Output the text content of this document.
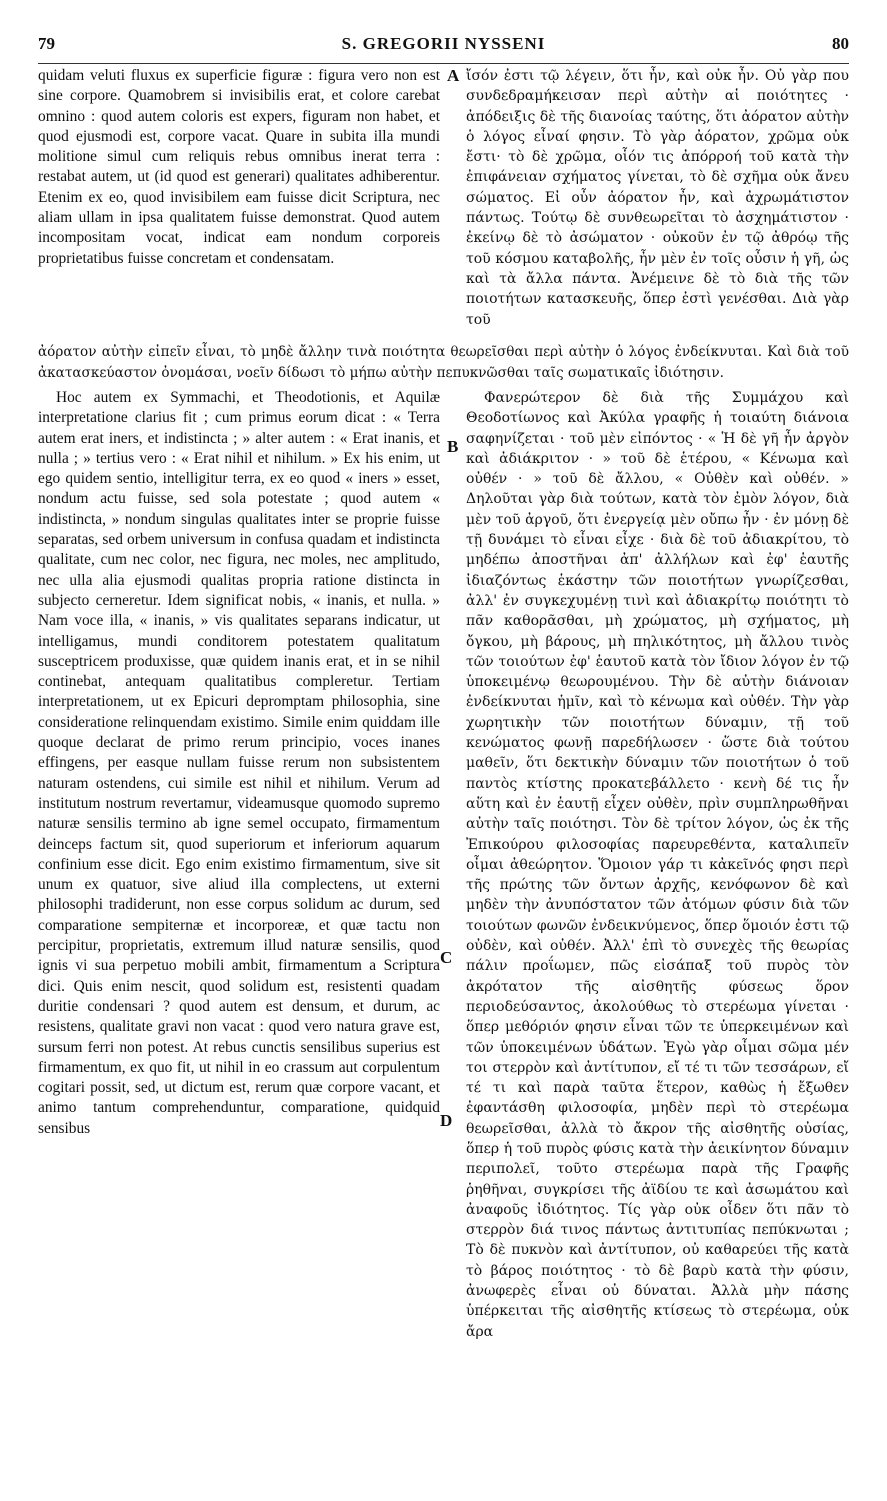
79	S. GREGORII NYSSENI	80
A
B
C
D

quidam veluti fluxus ex superficie figuræ : figura vero non est sine corpore. Quamobrem si invisibilis erat, et colore carebat omnino : quod autem coloris est expers, figuram non habet, et quod ejusmodi est, corpore vacat. Quare in subita illa mundi molitione simul cum reliquis rebus omnibus inerat terra : restabat autem, ut (id quod est generari) qualitates adhiberentur. Etenim ex eo, quod invisibilem eam fuisse dicit Scriptura, nec aliam ullam in ipsa qualitatem fuisse demonstrat. Quod autem incompositam vocat, indicat eam nondum corporeis proprietatibus fuisse concretam et condensatam.

ἴσόν ἐστι τῷ λέγειν, ὅτι ἦν, καὶ οὐκ ἦν. Οὐ γὰρ που συνδεδραμήκεισαν περὶ αὐτὴν αἱ ποιότητες · ἀπόδειξις δὲ τῆς διανοίας ταύτης, ὅτι ἀόρατον αὐτὴν ὁ λόγος εἶναί φησιν. Τὸ γὰρ ἀόρατον, χρῶμα οὐκ ἔστι· τὸ δὲ χρῶμα, οἷόν τις ἀπόρροή τοῦ κατὰ τὴν ἐπιφάνειαν σχήματος γίνεται, τὸ δὲ σχῆμα οὐκ ἄνευ σώματος. Εἰ οὖν ἀόρατον ἦν, καὶ ἀχρωμάτιστον πάντως. Τούτῳ δὲ συνθεωρεῖται τὸ ἀσχημάτιστον · ἐκείνῳ δὲ τὸ ἀσώματον · οὐκοῦν ἐν τῷ ἀθρόῳ τῆς τοῦ κόσμου καταβολῆς, ἦν μὲν ἐν τοῖς οὖσιν ἡ γῆ, ὡς καὶ τὰ ἄλλα πάντα. Ἀνέμεινε δὲ τὸ διὰ τῆς τῶν ποιοτήτων κατασκευῆς, ὅπερ ἐστὶ γενέσθαι. Διὰ γὰρ τοῦ

ἀόρατον αὐτὴν εἰπεῖν εἶναι, τὸ μηδὲ ἄλλην τινὰ ποιότητα θεωρεῖσθαι περὶ αὐτὴν ὁ λόγος ἐνδείκνυται. Καὶ διὰ τοῦ ἀκατασκεύαστον ὀνομάσαι, νοεῖν δίδωσι τὸ μήπω αὐτὴν πεπυκνῶσθαι ταῖς σωματικαῖς ἰδιότησιν.

Hoc autem ex Symmachi, et Theodotionis, et Aquilæ interpretatione clarius fit ; cum primus eorum dicat : « Terra autem erat iners, et indistincta ; » alter autem : « Erat inanis, et nulla ; » tertius vero : « Erat nihil et nihilum. » Ex his enim, ut ego quidem sentio, intelligitur terra, ex eo quod « iners » esset, nondum actu fuisse, sed sola potestate ; quod autem « indistincta, » nondum singulas qualitates inter se proprie fuisse separatas, sed orbem universum in confusa quadam et indistincta qualitate, cum nec color, nec figura, nec moles, nec amplitudo, nec ulla alia ejusmodi qualitas propria ratione distincta in subjecto cerneretur. Idem significat nobis, « inanis, et nulla. » Nam voce illa, « inanis, » vis qualitates separans indicatur, ut intelligamus, mundi conditorem potestatem qualitatum susceptricem produxisse, quæ quidem inanis erat, et in se nihil continebat, antequam qualitatibus compleretur. Tertiam interpretationem, ut ex Epicuri depromptam philosophia, sine consideratione relinquendam existimo. Simile enim quiddam ille quoque declarat de primo rerum principio, voces inanes effingens, per easque nullam fuisse rerum non subsistentem naturam ostendens, cui simile est nihil et nihilum. Verum ad institutum nostrum revertamur, videamusque quomodo supremo naturæ sensilis termino ab igne semel occupato, firmamentum deinceps factum sit, quod superiorum et inferiorum aquarum confinium esse dicit. Ego enim existimo firmamentum, sive sit unum ex quatuor, sive aliud illa complectens, ut externi philosophi tradiderunt, non esse corpus solidum ac durum, sed comparatione sempiternæ et incorporeæ, et quæ tactu non percipitur, proprietatis, extremum illud naturæ sensilis, quod ignis vi sua perpetuo mobili ambit, firmamentum a Scriptura dici. Quis enim nescit, quod solidum est, resistenti quadam duritie condensari ? quod autem est densum, et durum, ac resistens, qualitate gravi non vacat : quod vero natura grave est, sursum ferri non potest. At rebus cunctis sensilibus superius est firmamentum, ex quo fit, ut nihil in eo crassum aut corpulentum cogitari possit, sed, ut dictum est, rerum quæ corpore vacant, et animo tantum comprehenduntur, comparatione, quidquid sensibus

Φανερώτερον δὲ διὰ τῆς Συμμάχου καὶ Θεοδοτίωνος καὶ Ἀκύλα γραφῆς ἡ τοιαύτη διάνοια σαφηνίζεται · τοῦ μὲν εἰπόντος · « Ἡ δὲ γῆ ἦν ἀργὸν καὶ ἀδιάκριτον · » τοῦ δὲ ἑτέρου, « Κένωμα καὶ οὐθέν · » τοῦ δὲ ἄλλου, « Οὐθὲν καὶ οὐθέν. » Δηλοῦται γὰρ διὰ τούτων, κατὰ τὸν ἐμὸν λόγον, διὰ μὲν τοῦ ἀργοῦ, ὅτι ἐνεργείᾳ μὲν οὔπω ἦν · ἐν μόνῃ δὲ τῇ δυνάμει τὸ εἶναι εἶχε · διὰ δὲ τοῦ ἀδιακρίτου, τὸ μηδέπω ἀποστῆναι ἀπ' ἀλλήλων καὶ ἐφ' ἑαυτῆς ἰδιαζόντως ἑκάστην τῶν ποιοτήτων γνωρίζεσθαι, ἀλλ' ἐν συγκεχυμένῃ τινὶ καὶ ἀδιακρίτῳ ποιότητι τὸ πᾶν καθορᾶσθαι, μὴ χρώματος, μὴ σχήματος, μὴ ὄγκου, μὴ βάρους, μὴ πηλικότητος, μὴ ἄλλου τινὸς τῶν τοιούτων ἐφ' ἑαυτοῦ κατὰ τὸν ἴδιον λόγον ἐν τῷ ὑποκειμένῳ θεωρουμένου. Τὴν δὲ αὐτὴν διάνοιαν ἐνδείκνυται ἡμῖν, καὶ τὸ κένωμα καὶ οὐθέν. Τὴν γὰρ χωρητικὴν τῶν ποιοτήτων δύναμιν, τῇ τοῦ κενώματος φωνῇ παρεδήλωσεν · ὥστε διὰ τούτου μαθεῖν, ὅτι δεκτικὴν δύναμιν τῶν ποιοτήτων ὁ τοῦ παντὸς κτίστης προκατεβάλλετο · κενὴ δέ τις ἦν αὕτη καὶ ἐν ἑαυτῇ εἶχεν οὐθὲν, πρὶν συμπληρωθῆναι αὐτὴν ταῖς ποιότησι. Τὸν δὲ τρίτον λόγον, ὡς ἐκ τῆς Ἐπικούρου φιλοσοφίας παρευρεθέντα, καταλιπεῖν οἶμαι ἀθεώρητον. Ὅμοιον γάρ τι κἀκεῖνός φησι περὶ τῆς πρώτης τῶν ὄντων ἀρχῆς, κενόφωνον δὲ καὶ μηδὲν τὴν ἀνυπόστατον τῶν ἀτόμων φύσιν διὰ τῶν τοιούτων φωνῶν ἐνδεικνύμενος, ὅπερ ὅμοιόν ἐστι τῷ οὐδὲν, καὶ οὐθέν. Ἀλλ' ἐπὶ τὸ συνεχὲς τῆς θεωρίας πάλιν προΐωμεν, πῶς εἰσάπαξ τοῦ πυρὸς τὸν ἀκρότατον τῆς αἰσθητῆς φύσεως ὅρον περιοδεύσαντος, ἀκολούθως τὸ στερέωμα γίνεται · ὅπερ μεθόριόν φησιν εἶναι τῶν τε ὑπερκειμένων καὶ τῶν ὑποκειμένων ὑδάτων. Ἐγὼ γὰρ οἶμαι σῶμα μέν τοι στερρὸν καὶ ἀντίτυπον, εἴ τέ τι τῶν τεσσάρων, εἴ τέ τι καὶ παρὰ ταῦτα ἕτερον, καθὼς ἡ ἔξωθεν ἐφαντάσθη φιλοσοφία, μηδὲν περὶ τὸ στερέωμα θεωρεῖσθαι, ἀλλὰ τὸ ἄκρον τῆς αἰσθητῆς οὐσίας, ὅπερ ἡ τοῦ πυρὸς φύσις κατὰ τὴν ἀεικίνητον δύναμιν περιπολεῖ, τοῦτο στερέωμα παρὰ τῆς Γραφῆς ῥηθῆναι, συγκρίσει τῆς ἀϊδίου τε καὶ ἀσωμάτου καὶ ἀναφοῦς ἰδιότητος. Τίς γὰρ οὐκ οἶδεν ὅτι πᾶν τὸ στερρὸν διά τινος πάντως ἀντιτυπίας πεπύκνωται ; Τὸ δὲ πυκνὸν καὶ ἀντίτυπον, οὐ καθαρεύει τῆς κατὰ τὸ βάρος ποιότητος · τὸ δὲ βαρὺ κατὰ τὴν φύσιν, ἀνωφερὲς εἶναι οὐ δύναται. Ἀλλὰ μὴν πάσης ὑπέρκειται τῆς αἰσθητῆς κτίσεως τὸ στερέωμα, οὐκ ἄρα
